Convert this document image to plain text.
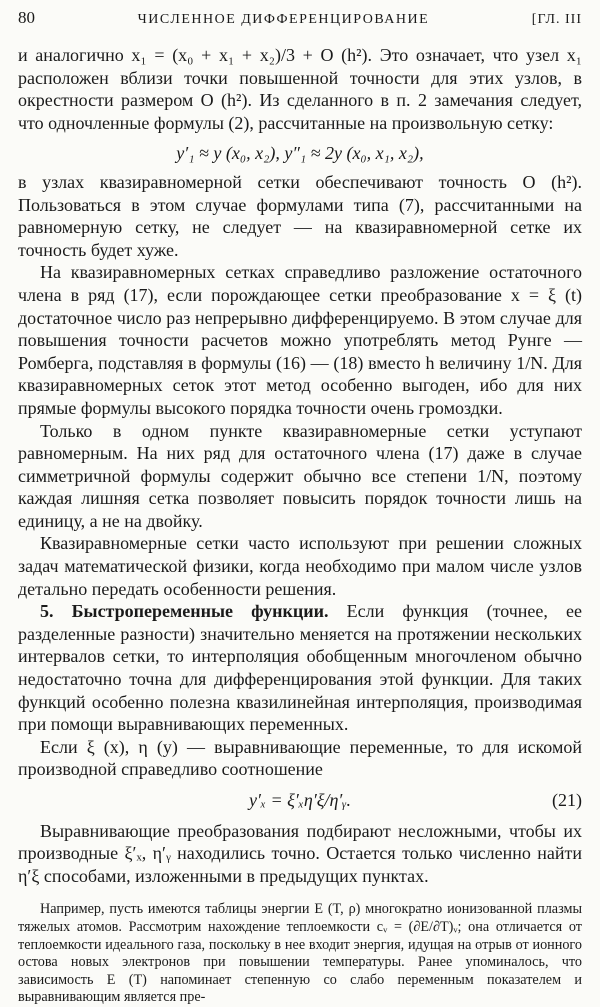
80	ЧИСЛЕННОЕ ДИФФЕРЕНЦИРОВАНИЕ	[ГЛ. III

и аналогично x₁ = (x₀ + x₁ + x₂)/3 + O (h²). Это означает, что узел x₁ расположен вблизи точки повышенной точности для этих узлов, в окрестности размером O (h²). Из сделанного в п. 2 замечания следует, что одночленные формулы (2), рассчитанные на произвольную сетку:

y′₁ ≈ y (x₀, x₂), y″₁ ≈ 2y (x₀, x₁, x₂),

в узлах квазиравномерной сетки обеспечивают точность O (h²). Пользоваться в этом случае формулами типа (7), рассчитанными на равномерную сетку, не следует — на квазиравномерной сетке их точность будет хуже.

На квазиравномерных сетках справедливо разложение остаточного члена в ряд (17), если порождающее сетки преобразование x = ξ (t) достаточное число раз непрерывно дифференцируемо. В этом случае для повышения точности расчетов можно употреблять метод Рунге — Ромберга, подставляя в формулы (16) — (18) вместо h величину 1/N. Для квазиравномерных сеток этот метод особенно выгоден, ибо для них прямые формулы высокого порядка точности очень громоздки.

Только в одном пункте квазиравномерные сетки уступают равномерным. На них ряд для остаточного члена (17) даже в случае симметричной формулы содержит обычно все степени 1/N, поэтому каждая лишняя сетка позволяет повысить порядок точности лишь на единицу, а не на двойку.

Квазиравномерные сетки часто используют при решении сложных задач математической физики, когда необходимо при малом числе узлов детально передать особенности решения.

5. Быстропеременные функции. Если функция (точнее, ее разделенные разности) значительно меняется на протяжении нескольких интервалов сетки, то интерполяция обобщенным многочленом обычно недостаточно точна для дифференцирования этой функции. Для таких функций особенно полезна квазилинейная интерполяция, производимая при помощи выравнивающих переменных.

Если ξ (x), η (y) — выравнивающие переменные, то для искомой производной справедливо соотношение

y′ₓ = ξ′ₓη′ξ/η′ᵧ.	(21)

Выравнивающие преобразования подбирают несложными, чтобы их производные ξ′ₓ, η′ᵧ находились точно. Остается только численно найти η′ξ способами, изложенными в предыдущих пунктах.

Например, пусть имеются таблицы энергии E (T, ρ) многократно ионизованной плазмы тяжелых атомов. Рассмотрим нахождение теплоемкости cᵥ = (∂E/∂T)ᵥ; она отличается от теплоемкости идеального газа, поскольку в нее входит энергия, идущая на отрыв от ионного остова новых электронов при повышении температуры. Ранее упоминалось, что зависимость E (T) напоминает степенную со слабо переменным показателем и выравнивающим является пре-
